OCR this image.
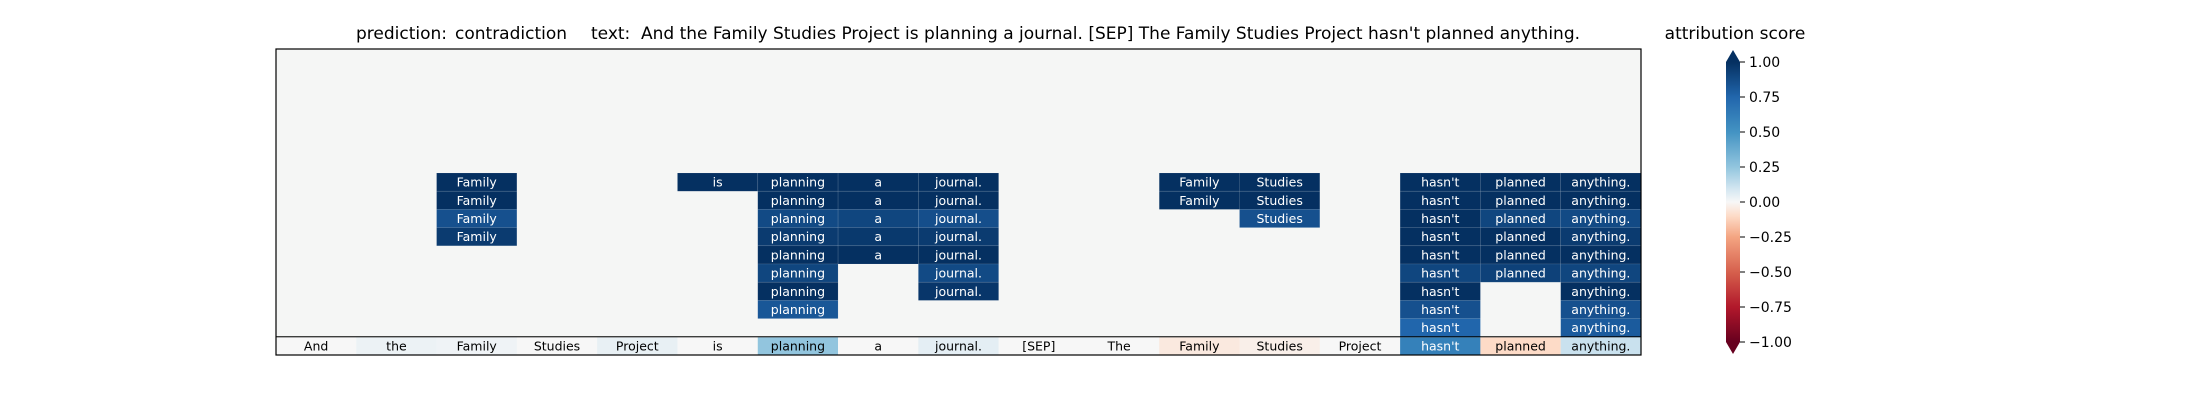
prediction: contradiction text: And the Family Studies Project is planning a journal. [SEP] The Family Studies Project hasn't planned anything.	attribution score
Family
Family
Family
Family
is	planning
planning
planning
planning
planning
planning
planning
planning
a
a
a
a
a
journal.
journal.
journal.
journal.
journal.
journal.
journal.
Family
Family
Studies
Studies
Studies
hasn't
hasn't
hasn't
hasn't
hasn't
hasn't
hasn't
hasn't
hasn't
planned
planned
planned
planned
planned
planned
anything.
anything.
anything.
anything.
anything.
anything.
anything.
anything.
anything.
And	the	Family	Studies	Project	is	planning	a	journal.	[SEP]	The	Family	Studies	Project	hasn't	planned anything.
1.00
0.75
0.50
0.25
0.00
−0.25
−0.50
−0.75
−1.00
